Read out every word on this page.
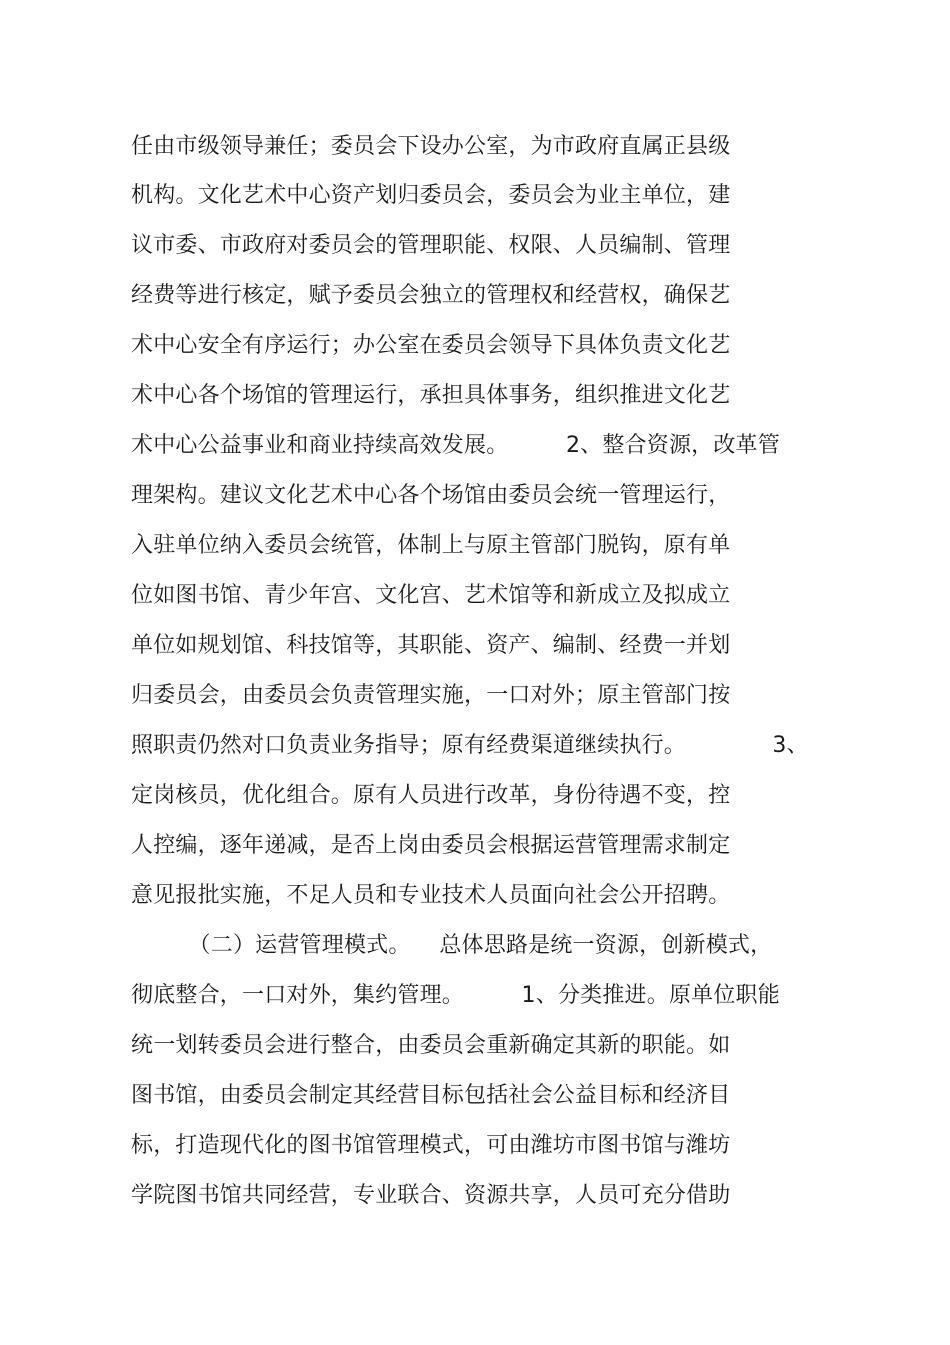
任由市级领导兼任；委员会下设办公室，为市政府直属正县级
机构。文化艺术中心资产划归委员会，委员会为业主单位，建
议市委、市政府对委员会的管理职能、权限、人员编制、管理
经费等进行核定，赋予委员会独立的管理权和经营权，确保艺
术中心安全有序运行；办公室在委员会领导下具体负责文化艺
术中心各个场馆的管理运行，承担具体事务，组织推进文化艺
术中心公益事业和商业持续高效发展。        2、整合资源，改革管
理架构。建议文化艺术中心各个场馆由委员会统一管理运行，
入驻单位纳入委员会统管，体制上与原主管部门脱钩，原有单
位如图书馆、青少年宫、文化宫、艺术馆等和新成立及拟成立
单位如规划馆、科技馆等，其职能、资产、编制、经费一并划
归委员会，由委员会负责管理实施，一口对外；原主管部门按
照职责仍然对口负责业务指导；原有经费渠道继续执行。            3、
定岗核员，优化组合。原有人员进行改革，身份待遇不变，控
人控编，逐年递减，是否上岗由委员会根据运营管理需求制定
意见报批实施，不足人员和专业技术人员面向社会公开招聘。
（二）运营管理模式。    总体思路是统一资源，创新模式，
彻底整合，一口对外，集约管理。        1、分类推进。原单位职能
统一划转委员会进行整合，由委员会重新确定其新的职能。如
图书馆，由委员会制定其经营目标包括社会公益目标和经济目
标，打造现代化的图书馆管理模式，可由潍坊市图书馆与潍坊
学院图书馆共同经营，专业联合、资源共享，人员可充分借助
